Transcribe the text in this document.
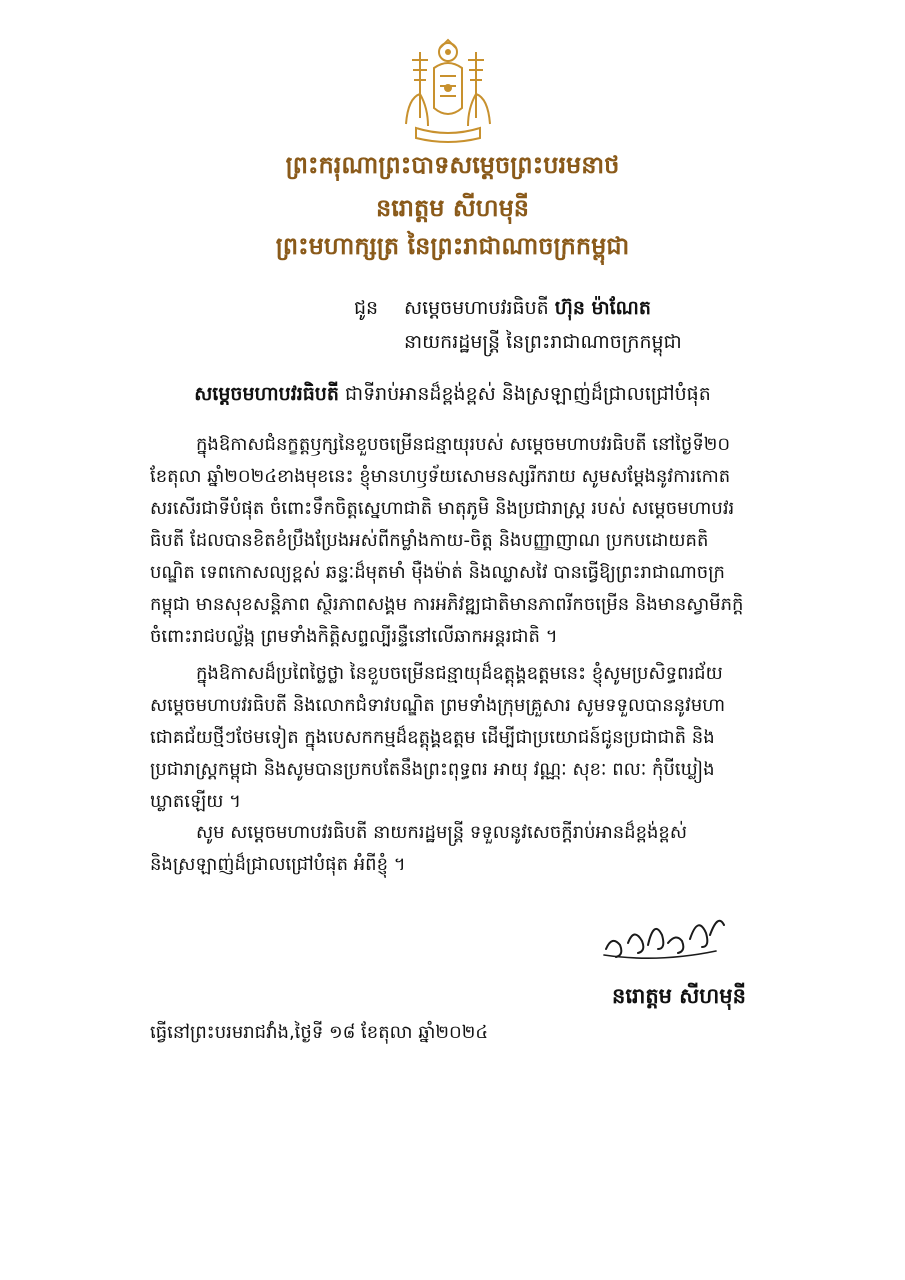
ព្រះករុណាព្រះបាទសម្តេចព្រះបរមនាថ
នរោត្តម សីហមុនី
ព្រះមហាក្សត្រ នៃព្រះរាជាណាចក្រកម្ពុជា
ជូន សម្តេចមហាបវរធិបតី ហ៊ុន ម៉ាណែត
នាយករដ្ឋមន្ត្រី នៃព្រះរាជាណាចក្រកម្ពុជា
សម្តេចមហាបវរធិបតី ជាទីរាប់អានដ៏ខ្ពង់ខ្ពស់ និងស្រឡាញ់ដ៏ជ្រាលជ្រៅបំផុត
ក្នុងឱកាសជំនក្ខត្តឫក្សនៃខួបចម្រើនជន្មាយុរបស់ សម្តេចមហាបវរធិបតី នៅថ្ងៃទី២០
ខែតុលា ឆ្នាំ២០២៤ខាងមុខនេះ ខ្ញុំមានហឫទ័យសោមនស្សរីករាយ សូមសម្តែងនូវការកោត
សរសើរជាទីបំផុត ចំពោះទឹកចិត្តស្នេហាជាតិ មាតុភូមិ និងប្រជារាស្ត្រ របស់ សម្តេចមហាបវរ
ធិបតី ដែលបានខិតខំប្រឹងប្រែងអស់ពីកម្លាំងកាយ-ចិត្ត និងបញ្ញាញាណ ប្រកបដោយគតិ
បណ្ឌិត ទេពកោសល្យខ្ពស់ ឆន្ទៈដ៏មុតមាំ ម៉ឺងម៉ាត់ និងឈ្លាសវៃ បានធ្វើឱ្យព្រះរាជាណាចក្រ
កម្ពុជា មានសុខសន្តិភាព ស្ថិរភាពសង្គម ការអភិវឌ្ឍជាតិមានភាពរីកចម្រើន និងមានស្វាមីភក្តិ
ចំពោះរាជបល្ល័ង្ក ព្រមទាំងកិត្តិសព្ទល្បីរន្ទឺនៅលើឆាកអន្តរជាតិ ។
ក្នុងឱកាសដ៏ប្រពៃថ្លៃថ្លា នៃខួបចម្រើនជន្មាយុដ៏ឧត្តុង្គឧត្តមនេះ ខ្ញុំសូមប្រសិទ្ធពរជ័យ
សម្តេចមហាបវរធិបតី និងលោកជំទាវបណ្ឌិត ព្រមទាំងក្រុមគ្រួសារ សូមទទួលបាននូវមហា
ជោគជ័យថ្មីៗថែមទៀត ក្នុងបេសកកម្មដ៏ឧត្តុង្គឧត្តម ដើម្បីជាប្រយោជន៍ជូនប្រជាជាតិ និង
ប្រជារាស្ត្រកម្ពុជា និងសូមបានប្រកបតែនឹងព្រះពុទ្ធពរ អាយុ វណ្ណៈ សុខៈ ពលៈ កុំបីឃ្លៀង
ឃ្លាតឡើយ ។
សូម សម្តេចមហាបវរធិបតី នាយករដ្ឋមន្ត្រី ទទួលនូវសេចក្តីរាប់អានដ៏ខ្ពង់ខ្ពស់
និងស្រឡាញ់ដ៏ជ្រាលជ្រៅបំផុត អំពីខ្ញុំ ។
នរោត្តម សីហមុនី
ធ្វើនៅព្រះបរមរាជវាំង,ថ្ងៃទី ១៨ ខែតុលា ឆ្នាំ២០២៤
